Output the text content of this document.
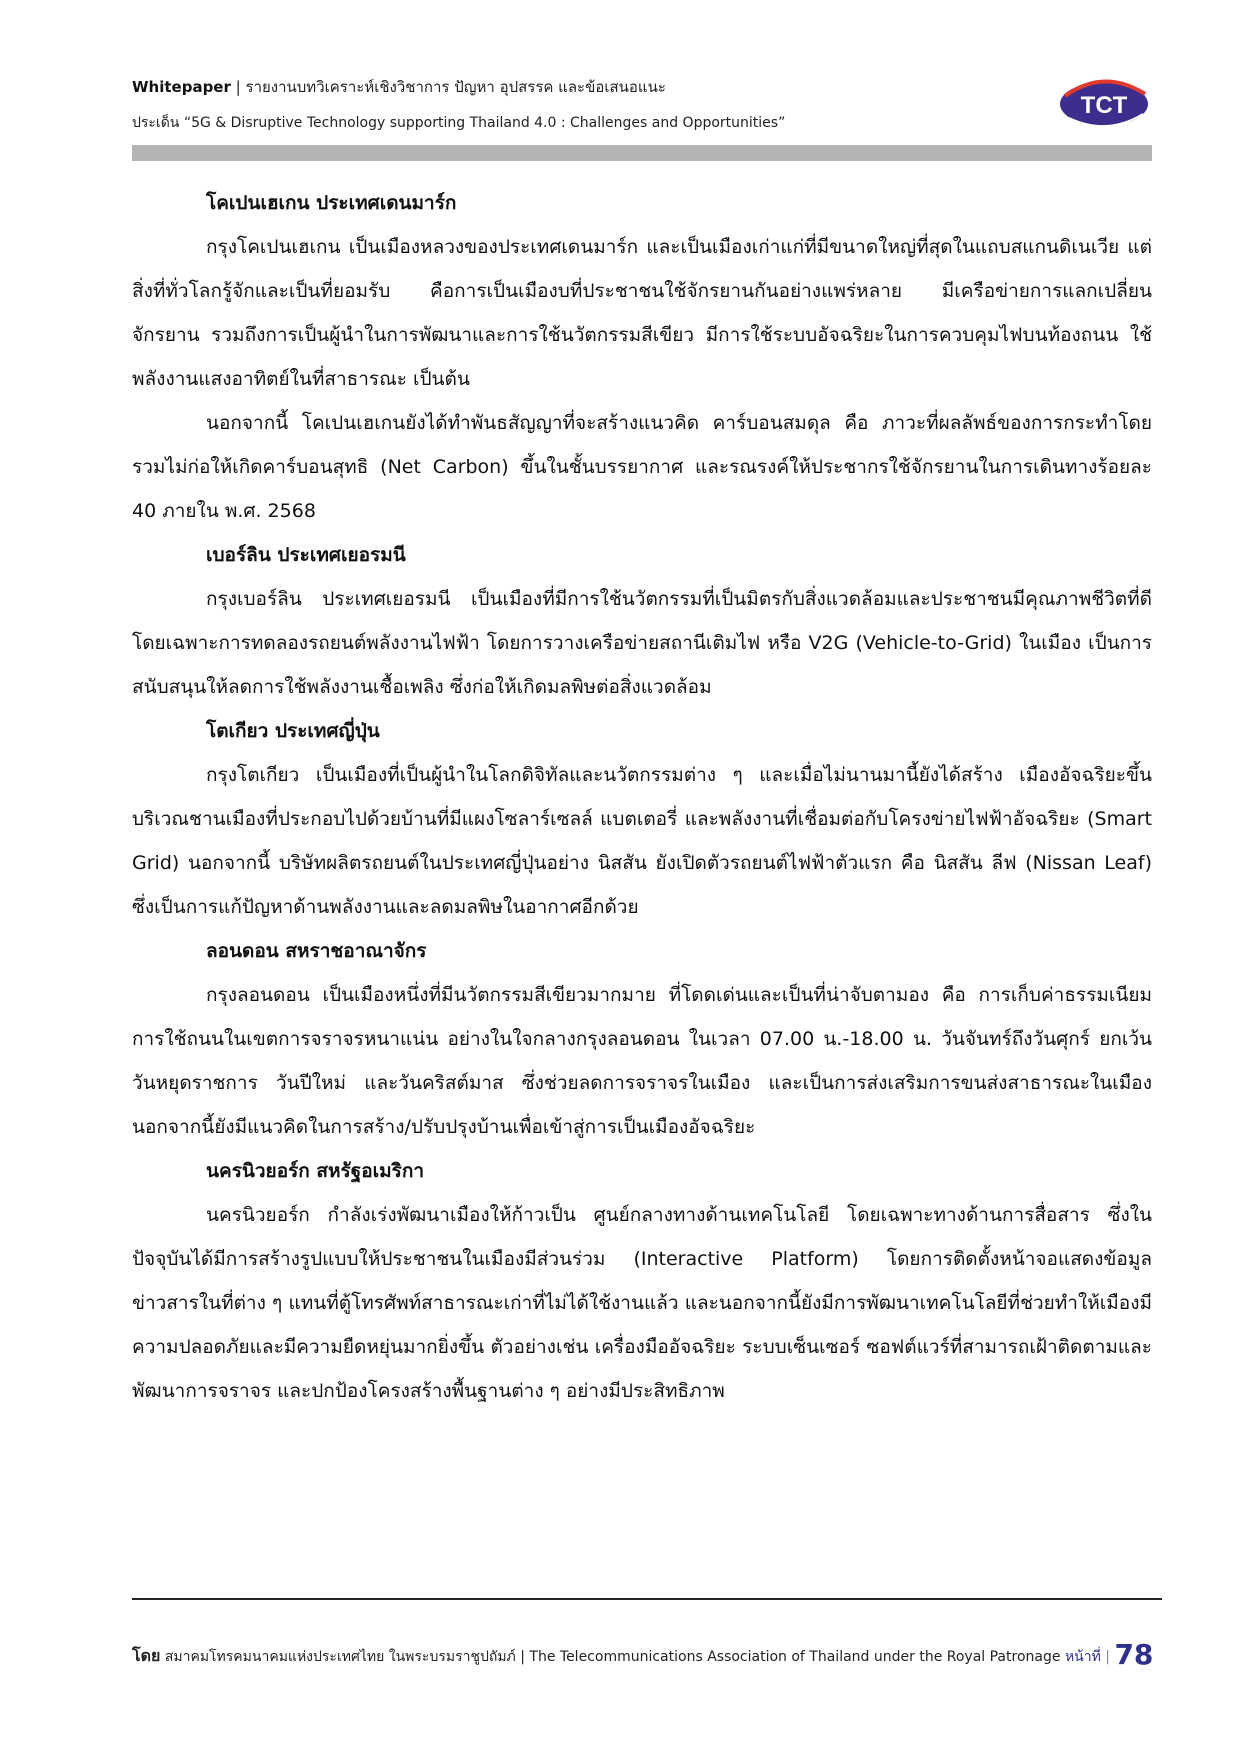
Whitepaper | รายงานบทวิเคราะห์เชิงวิชาการ ปัญหา อุปสรรค และข้อเสนอแนะ
ประเด็น “5G & Disruptive Technology supporting Thailand 4.0 : Challenges and Opportunities”
TCT

โคเปนเฮเกน ประเทศเดนมาร์ก

กรุงโคเปนเฮเกน เป็นเมืองหลวงของประเทศเดนมาร์ก และเป็นเมืองเก่าแก่ที่มีขนาดใหญ่ที่สุดในแถบสแกนดิเนเวีย แต่สิ่งที่ทั่วโลกรู้จักและเป็นที่ยอมรับ คือการเป็นเมืองบที่ประชาชนใช้จักรยานกันอย่างแพร่หลาย มีเครือข่ายการแลกเปลี่ยนจักรยาน รวมถึงการเป็นผู้นำในการพัฒนาและการใช้นวัตกรรมสีเขียว มีการใช้ระบบอัจฉริยะในการควบคุมไฟบนท้องถนน ใช้พลังงานแสงอาทิตย์ในที่สาธารณะ เป็นต้น

นอกจากนี้ โคเปนเฮเกนยังได้ทำพันธสัญญาที่จะสร้างแนวคิด คาร์บอนสมดุล คือ ภาวะที่ผลลัพธ์ของการกระทำโดยรวมไม่ก่อให้เกิดคาร์บอนสุทธิ (Net Carbon) ขึ้นในชั้นบรรยากาศ และรณรงค์ให้ประชากรใช้จักรยานในการเดินทางร้อยละ 40 ภายใน พ.ศ. 2568

เบอร์ลิน ประเทศเยอรมนี

กรุงเบอร์ลิน ประเทศเยอรมนี เป็นเมืองที่มีการใช้นวัตกรรมที่เป็นมิตรกับสิ่งแวดล้อมและประชาชนมีคุณภาพชีวิตที่ดี โดยเฉพาะการทดลองรถยนต์พลังงานไฟฟ้า โดยการวางเครือข่ายสถานีเติมไฟ หรือ V2G (Vehicle-to-Grid) ในเมือง เป็นการสนับสนุนให้ลดการใช้พลังงานเชื้อเพลิง ซึ่งก่อให้เกิดมลพิษต่อสิ่งแวดล้อม

โตเกียว ประเทศญี่ปุ่น

กรุงโตเกียว เป็นเมืองที่เป็นผู้นำในโลกดิจิทัลและนวัตกรรมต่าง ๆ และเมื่อไม่นานมานี้ยังได้สร้าง เมืองอัจฉริยะขึ้นบริเวณชานเมืองที่ประกอบไปด้วยบ้านที่มีแผงโซลาร์เซลล์ แบตเตอรี่ และพลังงานที่เชื่อมต่อกับโครงข่ายไฟฟ้าอัจฉริยะ (Smart Grid) นอกจากนี้ บริษัทผลิตรถยนต์ในประเทศญี่ปุ่นอย่าง นิสสัน ยังเปิดตัวรถยนต์ไฟฟ้าตัวแรก คือ นิสสัน ลีฟ (Nissan Leaf) ซึ่งเป็นการแก้ปัญหาด้านพลังงานและลดมลพิษในอากาศอีกด้วย

ลอนดอน สหราชอาณาจักร

กรุงลอนดอน เป็นเมืองหนึ่งที่มีนวัตกรรมสีเขียวมากมาย ที่โดดเด่นและเป็นที่น่าจับตามอง คือ การเก็บค่าธรรมเนียมการใช้ถนนในเขตการจราจรหนาแน่น อย่างในใจกลางกรุงลอนดอน ในเวลา 07.00 น.-18.00 น. วันจันทร์ถึงวันศุกร์ ยกเว้นวันหยุดราชการ วันปีใหม่ และวันคริสต์มาส ซึ่งช่วยลดการจราจรในเมือง และเป็นการส่งเสริมการขนส่งสาธารณะในเมือง นอกจากนี้ยังมีแนวคิดในการสร้าง/ปรับปรุงบ้านเพื่อเข้าสู่การเป็นเมืองอัจฉริยะ

นครนิวยอร์ก สหรัฐอเมริกา

นครนิวยอร์ก กำลังเร่งพัฒนาเมืองให้ก้าวเป็น ศูนย์กลางทางด้านเทคโนโลยี โดยเฉพาะทางด้านการสื่อสาร ซึ่งในปัจจุบันได้มีการสร้างรูปแบบให้ประชาชนในเมืองมีส่วนร่วม (Interactive Platform) โดยการติดตั้งหน้าจอแสดงข้อมูลข่าวสารในที่ต่าง ๆ แทนที่ตู้โทรศัพท์สาธารณะเก่าที่ไม่ได้ใช้งานแล้ว และนอกจากนี้ยังมีการพัฒนาเทคโนโลยีที่ช่วยทำให้เมืองมีความปลอดภัยและมีความยืดหยุ่นมากยิ่งขึ้น ตัวอย่างเช่น เครื่องมืออัจฉริยะ ระบบเซ็นเซอร์ ซอฟต์แวร์ที่สามารถเฝ้าติดตามและพัฒนาการจราจร และปกป้องโครงสร้างพื้นฐานต่าง ๆ อย่างมีประสิทธิภาพ

โดย สมาคมโทรคมนาคมแห่งประเทศไทย ในพระบรมราชูปถัมภ์ | The Telecommunications Association of Thailand under the Royal Patronage หน้าที่ | 78
